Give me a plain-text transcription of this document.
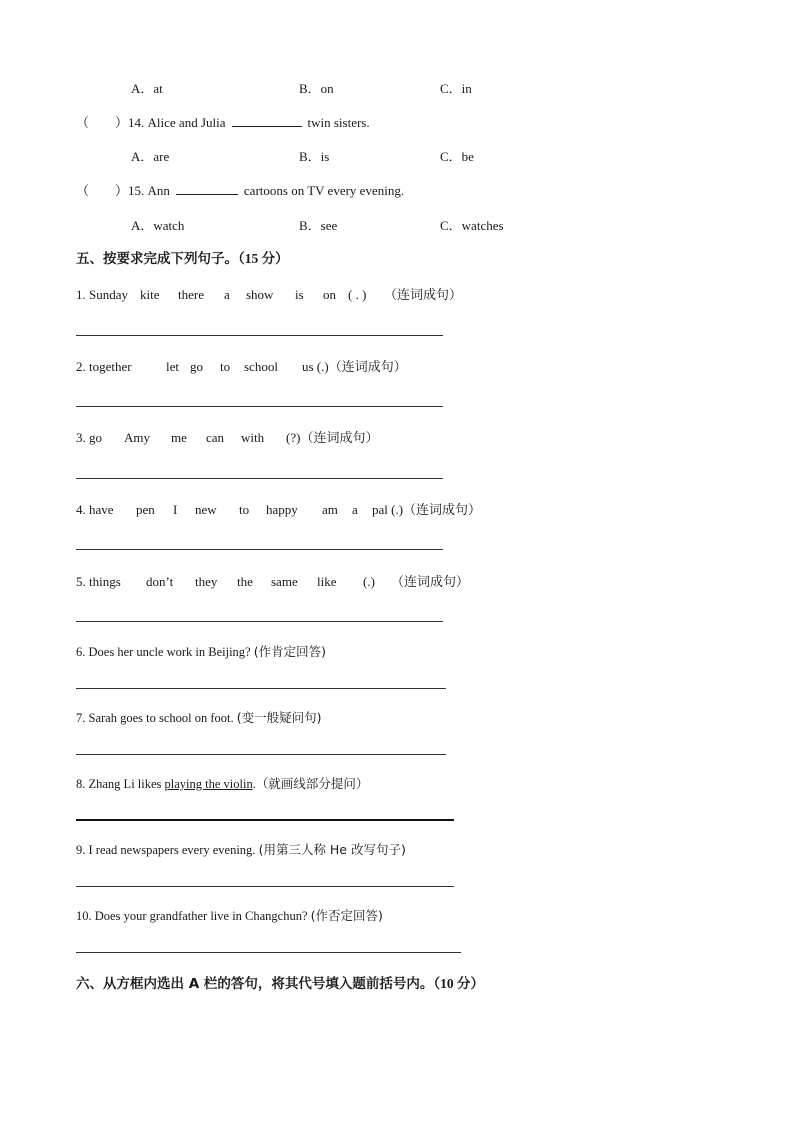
A．at	B．on	C．in
（　　）14. Alice and Julia	twin sisters.
A．are	B．is	C．be
（　　）15. Ann	cartoons on TV every evening.
A．watch	B．see	C．watches
五、按要求完成下列句子。（15 分）
1. Sunday kite there a show is on ( . ) （连词成句）
2. together	let go to school us (.)（连词成句）
3. go Amy me can with (?)（连词成句）
4. have pen I new to happy am a pal (.)（连词成句）
5. things don’t they the same like (.) （连词成句）
6. Does her uncle work in Beijing? (作肯定回答)
7. Sarah goes to school on foot. (变一般疑问句)
8. Zhang Li likes playing the violin.（就画线部分提问）
9. I read newspapers every evening. (用第三人称 He 改写句子)
10. Does your grandfather live in Changchun? (作否定回答)
六、从方框内选出 A 栏的答句，将其代号填入题前括号内。（10 分）
